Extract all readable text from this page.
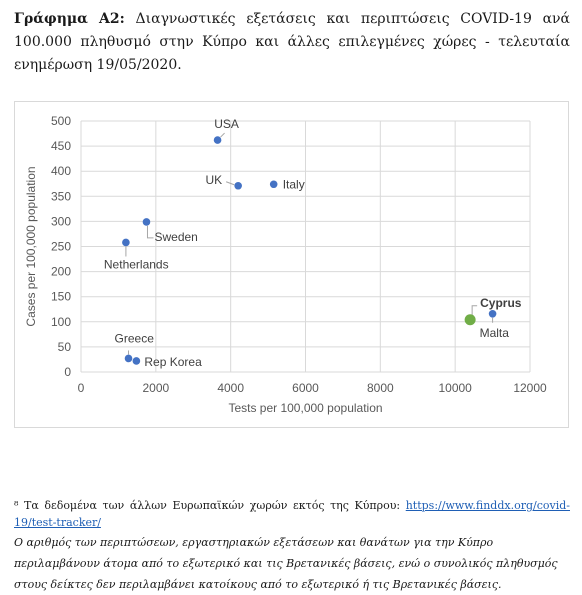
Γράφημα Α2: Διαγνωστικές εξετάσεις και περιπτώσεις COVID-19 ανά 100.000 πληθυσμό στην Κύπρο και άλλες επιλεγμένες χώρες - τελευταία ενημέρωση 19/05/2020.
0
50
100
150
200
250
300
350
400
450
500
0	2000	4000	6000	8000	10000	12000
Tests per 100,000 population
Cases per 100,000 population
USA
UK	Italy
Sweden
Netherlands
Greece
Rep Korea
Cyprus
Malta
⁸ Τα δεδομένα των άλλων Ευρωπαϊκών χωρών εκτός της Κύπρου: https://www.finddx.org/covid-19/test-tracker/
Ο αριθμός των περιπτώσεων, εργαστηριακών εξετάσεων και θανάτων για την Κύπρο περιλαμβάνουν άτομα από το εξωτερικό και τις Βρετανικές βάσεις, ενώ ο συνολικός πληθυσμός στους δείκτες δεν περιλαμβάνει κατοίκους από το εξωτερικό ή τις Βρετανικές βάσεις.
